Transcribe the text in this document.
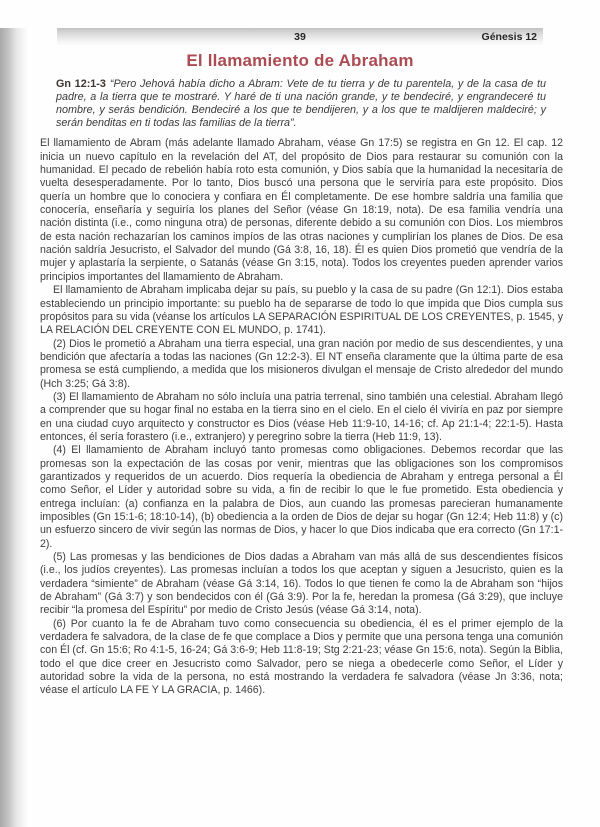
39	Génesis 12
El llamamiento de Abraham
Gn 12:1-3 “Pero Jehová había dicho a Abram: Vete de tu tierra y de tu parentela, y de la casa de tu padre, a la tierra que te mostraré. Y haré de ti una nación grande, y te bendeciré, y engrandeceré tu nombre, y serás bendición. Bendeciré a los que te bendijeren, y a los que te maldijeren maldeciré; y serán benditas en ti todas las familias de la tierra”.

El llamamiento de Abram (más adelante llamado Abraham, véase Gn 17:5) se registra en Gn 12. El cap. 12 inicia un nuevo capítulo en la revelación del AT, del propósito de Dios para restaurar su comunión con la humanidad. El pecado de rebelión había roto esta comunión, y Dios sabía que la humanidad la necesitaría de vuelta desesperadamente. Por lo tanto, Dios buscó una persona que le serviría para este propósito. Dios quería un hombre que lo conociera y confiara en Él completamente. De ese hombre saldría una familia que conocería, enseñaría y seguiría los planes del Señor (véase Gn 18:19, nota). De esa familia vendría una nación distinta (i.e., como ninguna otra) de personas, diferente debido a su comunión con Dios. Los miembros de esta nación rechazarían los caminos impíos de las otras naciones y cumplirían los planes de Dios. De esa nación saldría Jesucristo, el Salvador del mundo (Gá 3:8, 16, 18). Él es quien Dios prometió que vendría de la mujer y aplastaría la serpiente, o Satanás (véase Gn 3:15, nota). Todos los creyentes pueden aprender varios principios importantes del llamamiento de Abraham.

El llamamiento de Abraham implicaba dejar su país, su pueblo y la casa de su padre (Gn 12:1). Dios estaba estableciendo un principio importante: su pueblo ha de separarse de todo lo que impida que Dios cumpla sus propósitos para su vida (véanse los artículos LA SEPARACIÓN ESPIRITUAL DE LOS CREYENTES, p. 1545, y LA RELACIÓN DEL CREYENTE CON EL MUNDO, p. 1741).

(2) Dios le prometió a Abraham una tierra especial, una gran nación por medio de sus descendientes, y una bendición que afectaría a todas las naciones (Gn 12:2-3). El NT enseña claramente que la última parte de esa promesa se está cumpliendo, a medida que los misioneros divulgan el mensaje de Cristo alrededor del mundo (Hch 3:25; Gá 3:8).

(3) El llamamiento de Abraham no sólo incluía una patria terrenal, sino también una celestial. Abraham llegó a comprender que su hogar final no estaba en la tierra sino en el cielo. En el cielo él viviría en paz por siempre en una ciudad cuyo arquitecto y constructor es Dios (véase Heb 11:9-10, 14-16; cf. Ap 21:1-4; 22:1-5). Hasta entonces, él sería forastero (i.e., extranjero) y peregrino sobre la tierra (Heb 11:9, 13).

(4) El llamamiento de Abraham incluyó tanto promesas como obligaciones. Debemos recordar que las promesas son la expectación de las cosas por venir, mientras que las obligaciones son los compromisos garantizados y requeridos de un acuerdo. Dios requería la obediencia de Abraham y entrega personal a Él como Señor, el Líder y autoridad sobre su vida, a fin de recibir lo que le fue prometido. Esta obediencia y entrega incluían: (a) confianza en la palabra de Dios, aun cuando las promesas parecieran humanamente imposibles (Gn 15:1-6; 18:10-14), (b) obediencia a la orden de Dios de dejar su hogar (Gn 12:4; Heb 11:8) y (c) un esfuerzo sincero de vivir según las normas de Dios, y hacer lo que Dios indicaba que era correcto (Gn 17:1-2).

(5) Las promesas y las bendiciones de Dios dadas a Abraham van más allá de sus descendientes físicos (i.e., los judíos creyentes). Las promesas incluían a todos los que aceptan y siguen a Jesucristo, quien es la verdadera “simiente” de Abraham (véase Gá 3:14, 16). Todos lo que tienen fe como la de Abraham son “hijos de Abraham” (Gá 3:7) y son bendecidos con él (Gá 3:9). Por la fe, heredan la promesa (Gá 3:29), que incluye recibir “la promesa del Espíritu” por medio de Cristo Jesús (véase Gá 3:14, nota).

(6) Por cuanto la fe de Abraham tuvo como consecuencia su obediencia, él es el primer ejemplo de la verdadera fe salvadora, de la clase de fe que complace a Dios y permite que una persona tenga una comunión con Él (cf. Gn 15:6; Ro 4:1-5, 16-24; Gá 3:6-9; Heb 11:8-19; Stg 2:21-23; véase Gn 15:6, nota). Según la Biblia, todo el que dice creer en Jesucristo como Salvador, pero se niega a obedecerle como Señor, el Líder y autoridad sobre la vida de la persona, no está mostrando la verdadera fe salvadora (véase Jn 3:36, nota; véase el artículo LA FE Y LA GRACIA, p. 1466).
